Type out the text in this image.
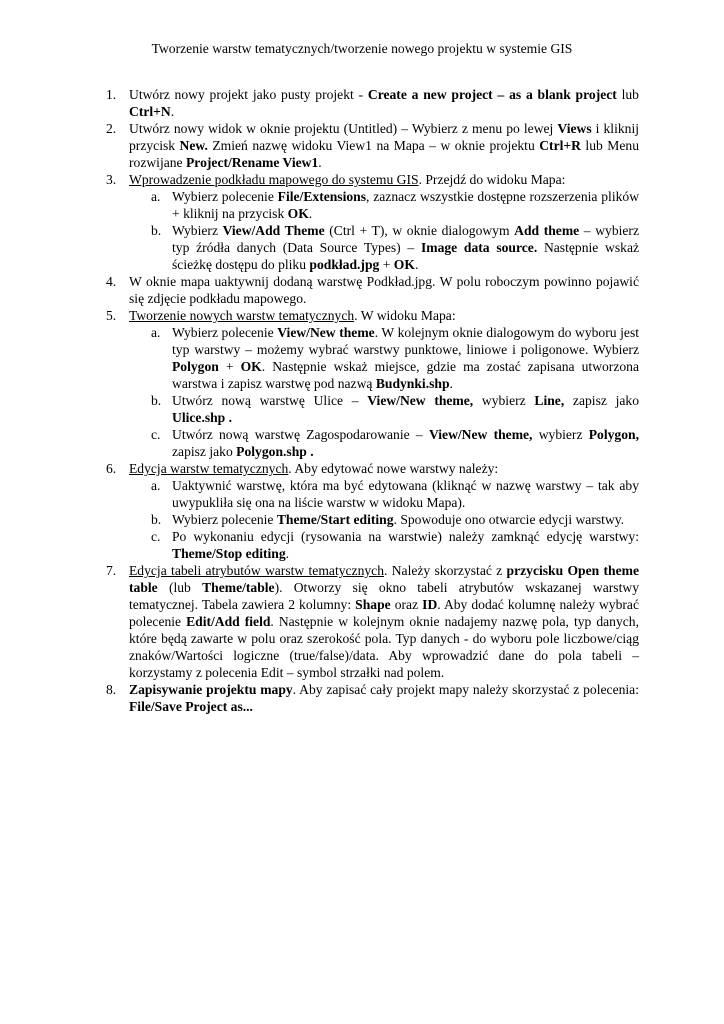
Tworzenie warstw tematycznych/tworzenie nowego projektu w systemie GIS
1. Utwórz nowy projekt jako pusty projekt - Create a new project – as a blank project lub Ctrl+N.
2. Utwórz nowy widok w oknie projektu (Untitled) – Wybierz z menu po lewej Views i kliknij przycisk New. Zmień nazwę widoku View1 na Mapa – w oknie projektu Ctrl+R lub Menu rozwijane Project/Rename View1.
3. Wprowadzenie podkładu mapowego do systemu GIS. Przejdź do widoku Mapa:
a. Wybierz polecenie File/Extensions, zaznacz wszystkie dostępne rozszerzenia plików + kliknij na przycisk OK.
b. Wybierz View/Add Theme (Ctrl + T), w oknie dialogowym Add theme – wybierz typ źródła danych (Data Source Types) – Image data source. Następnie wskaż ścieżkę dostępu do pliku podkład.jpg + OK.
4. W oknie mapa uaktywnij dodaną warstwę Podkład.jpg. W polu roboczym powinno pojawić się zdjęcie podkładu mapowego.
5. Tworzenie nowych warstw tematycznych. W widoku Mapa:
a. Wybierz polecenie View/New theme. W kolejnym oknie dialogowym do wyboru jest typ warstwy – możemy wybrać warstwy punktowe, liniowe i poligonowe. Wybierz Polygon + OK. Następnie wskaż miejsce, gdzie ma zostać zapisana utworzona warstwa i zapisz warstwę pod nazwą Budynki.shp.
b. Utwórz nową warstwę Ulice – View/New theme, wybierz Line, zapisz jako Ulice.shp .
c. Utwórz nową warstwę Zagospodarowanie – View/New theme, wybierz Polygon, zapisz jako Polygon.shp .
6. Edycja warstw tematycznych. Aby edytować nowe warstwy należy:
a. Uaktywnić warstwę, która ma być edytowana (kliknąć w nazwę warstwy – tak aby uwypukliła się ona na liście warstw w widoku Mapa).
b. Wybierz polecenie Theme/Start editing. Spowoduje ono otwarcie edycji warstwy.
c. Po wykonaniu edycji (rysowania na warstwie) należy zamknąć edycję warstwy: Theme/Stop editing.
7. Edycja tabeli atrybutów warstw tematycznych. Należy skorzystać z przycisku Open theme table (lub Theme/table). Otworzy się okno tabeli atrybutów wskazanej warstwy tematycznej. Tabela zawiera 2 kolumny: Shape oraz ID. Aby dodać kolumnę należy wybrać polecenie Edit/Add field. Następnie w kolejnym oknie nadajemy nazwę pola, typ danych, które będą zawarte w polu oraz szerokość pola. Typ danych - do wyboru pole liczbowe/ciąg znaków/Wartości logiczne (true/false)/data. Aby wprowadzić dane do pola tabeli – korzystamy z polecenia Edit – symbol strzałki nad polem.
8. Zapisywanie projektu mapy. Aby zapisać cały projekt mapy należy skorzystać z polecenia: File/Save Project as...
